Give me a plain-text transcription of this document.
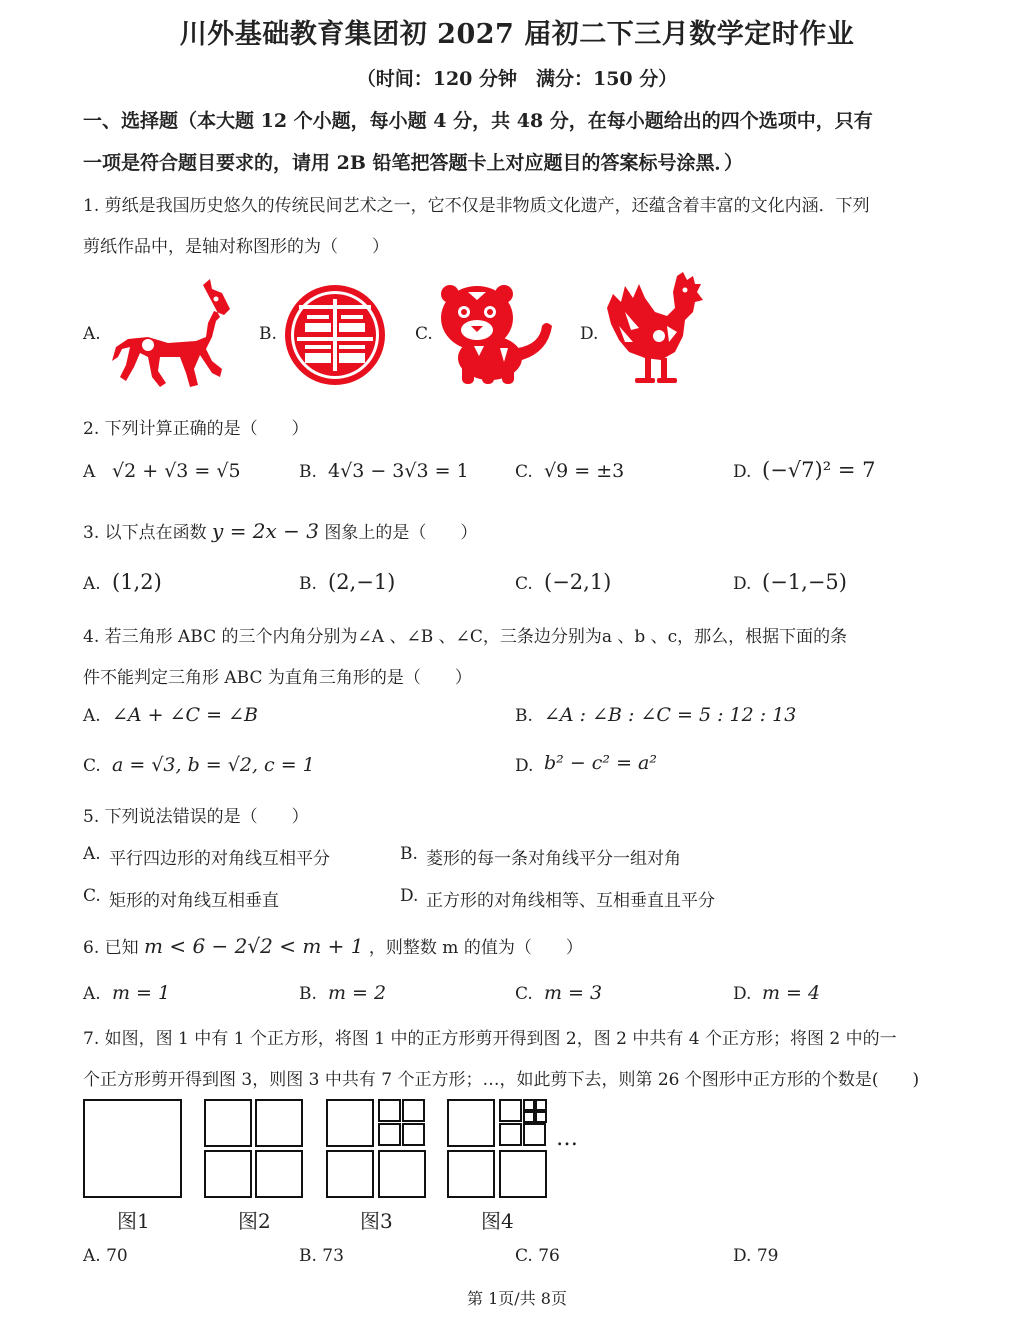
川外基础教育集团初 2027 届初二下三月数学定时作业
（时间：120 分钟　满分：150 分）
一、选择题（本大题 12 个小题，每小题 4 分，共 48 分，在每小题给出的四个选项中，只有
一项是符合题目要求的，请用 2B 铅笔把答题卡上对应题目的答案标号涂黑．）
1. 剪纸是我国历史悠久的传统民间艺术之一，它不仅是非物质文化遗产，还蕴含着丰富的文化内涵．下列
剪纸作品中，是轴对称图形的为（　　）
A.	B.	C.	D.
2. 下列计算正确的是（　　）
A √2 + √3 = √5	B. 4√3 − 3√3 = 1	C. √9 = ±3	D. (−√7)² = 7
3. 以下点在函数 y = 2x − 3 图象上的是（　　）
A. (1,2)	B. (2,−1)	C. (−2,1)	D. (−1,−5)
4. 若三角形 ABC 的三个内角分别为∠A 、∠B 、∠C，三条边分别为a 、b 、c，那么，根据下面的条
件不能判定三角形 ABC 为直角三角形的是（　　）
A. ∠A + ∠C = ∠B	B. ∠A : ∠B : ∠C = 5 : 12 : 13
C. a = √3, b = √2, c = 1	D. b² − c² = a²
5. 下列说法错误的是（　　）
A. 平行四边形的对角线互相平分	B. 菱形的每一条对角线平分一组对角
C. 矩形的对角线互相垂直	D. 正方形的对角线相等、互相垂直且平分
6. 已知 m < 6 − 2√2 < m + 1 ，则整数 m 的值为（　　）
A. m = 1	B. m = 2	C. m = 3	D. m = 4
7. 如图，图 1 中有 1 个正方形，将图 1 中的正方形剪开得到图 2，图 2 中共有 4 个正方形；将图 2 中的一
个正方形剪开得到图 3，则图 3 中共有 7 个正方形；…，如此剪下去，则第 26 个图形中正方形的个数是(　　)
…
图1	图2	图3	图4
A. 70	B. 73	C. 76	D. 79
第 1页/共 8页
